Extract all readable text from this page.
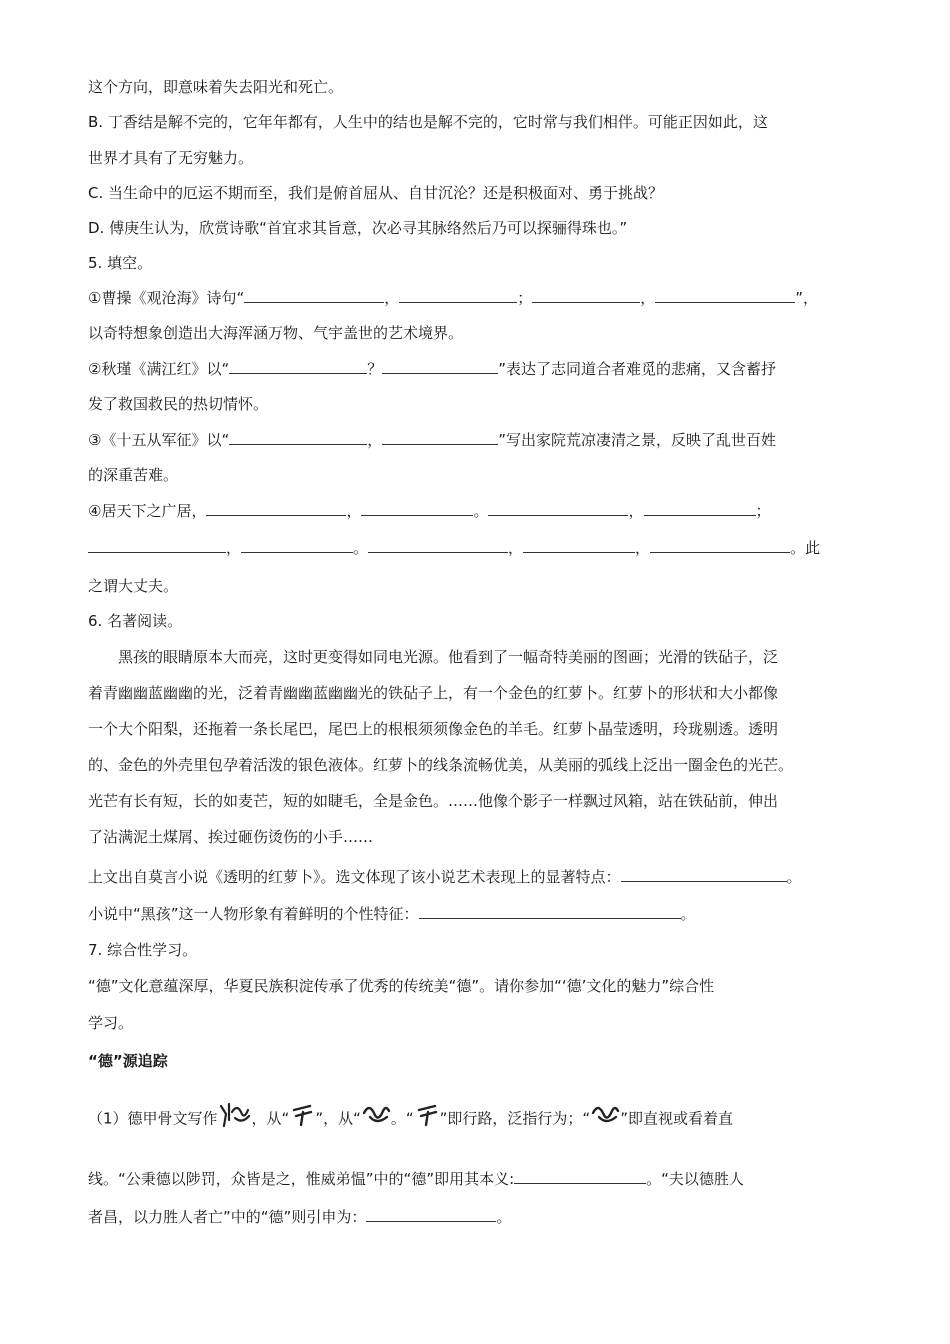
这个方向，即意味着失去阳光和死亡。
B. 丁香结是解不完的，它年年都有，人生中的结也是解不完的，它时常与我们相伴。可能正因如此，这
世界才具有了无穷魅力。
C. 当生命中的厄运不期而至，我们是俯首屈从、自甘沉沦？还是积极面对、勇于挑战？
D. 傅庚生认为，欣赏诗歌“首宜求其旨意，次必寻其脉络然后乃可以探骊得珠也。”
5. 填空。
①曹操《观沧海》诗句“	，	；	，	”，
以奇特想象创造出大海浑涵万物、气宇盖世的艺术境界。
②秋瑾《满江红》以“	？	”表达了志同道合者难觅的悲痛，又含蓄抒
发了救国救民的热切情怀。
③《十五从军征》以“	，	”写出家院荒凉凄清之景，反映了乱世百姓
的深重苦难。
④居天下之广居，	，	。	，	；
，	。	，	，	。此
之谓大丈夫。
6. 名著阅读。
　　黑孩的眼睛原本大而亮，这时更变得如同电光源。他看到了一幅奇特美丽的图画；光滑的铁砧子，泛
着青幽幽蓝幽幽的光，泛着青幽幽蓝幽幽光的铁砧子上，有一个金色的红萝卜。红萝卜的形状和大小都像
一个大个阳梨，还拖着一条长尾巴，尾巴上的根根须须像金色的羊毛。红萝卜晶莹透明，玲珑剔透。透明
的、金色的外壳里包孕着活泼的银色液体。红萝卜的线条流畅优美，从美丽的弧线上泛出一圈金色的光芒。
光芒有长有短，长的如麦芒，短的如睫毛，全是金色。……他像个影子一样飘过风箱，站在铁砧前，伸出
了沾满泥土煤屑、挨过砸伤烫伤的小手……
上文出自莫言小说《透明的红萝卜》。选文体现了该小说艺术表现上的显著特点：	。
小说中“黑孩”这一人物形象有着鲜明的个性特征：	。
7. 综合性学习。
“德”文化意蕴深厚，华夏民族积淀传承了优秀的传统美“德”。请你参加“‘德’文化的魅力”综合性
学习。
“德”源追踪
（1）德甲骨文写作 ，从“ ”，从“ 。“ ”即行路，泛指行为；“ ”即直视或看着直
线。“公秉德以陟罚，众皆是之，惟威弟愠”中的“德”即用其本义:	。“夫以德胜人
者昌，以力胜人者亡”中的“德”则引申为：	。
